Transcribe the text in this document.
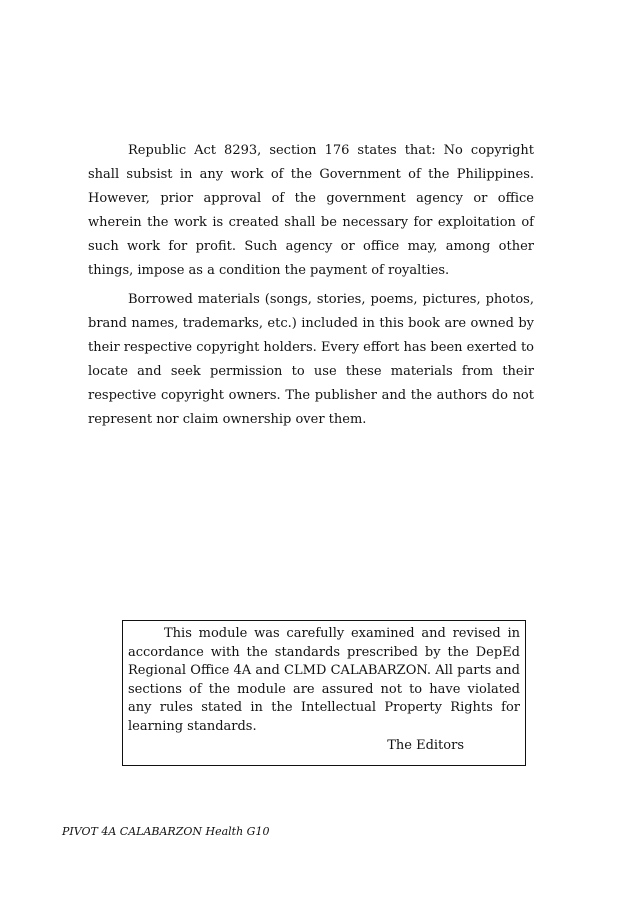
Republic Act 8293, section 176 states that: No copyright shall subsist in any work of the Government of the Philippines. However, prior approval of the government agency or office wherein the work is created shall be necessary for exploitation of such work for profit. Such agency or office may, among other things, impose as a condition the payment of royalties.

Borrowed materials (songs, stories, poems, pictures, photos, brand names, trademarks, etc.) included in this book are owned by their respective copyright holders. Every effort has been exerted to locate and seek permission to use these materials from their respective copyright owners. The publisher and the authors do not represent nor claim ownership over them.

This module was carefully examined and revised in accordance with the standards prescribed by the DepEd Regional Office 4A and CLMD CALABARZON. All parts and sections of the module are assured not to have violated any rules stated in the Intellectual Property Rights for learning standards.

The Editors
PIVOT 4A CALABARZON Health G10
